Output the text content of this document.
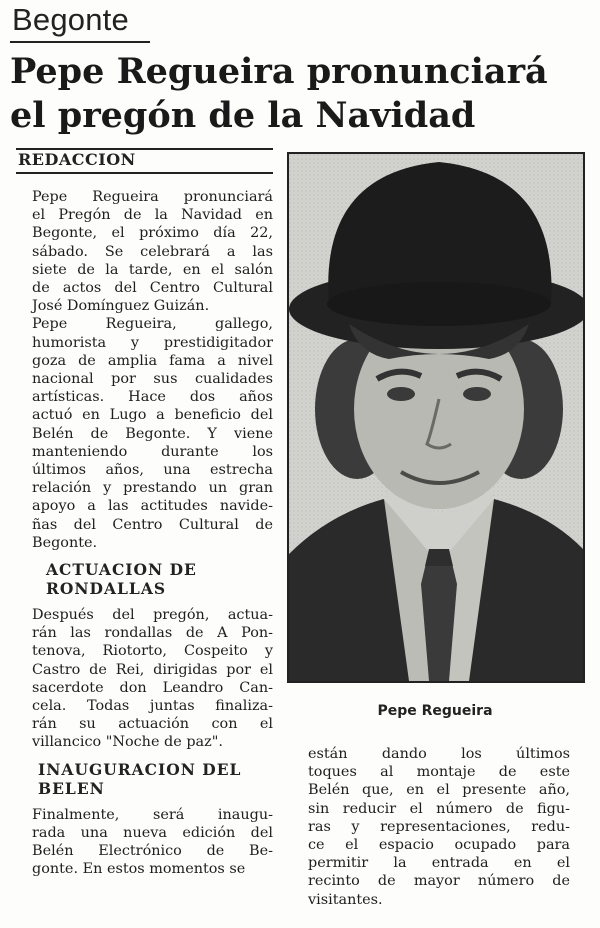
Begonte
Pepe Regueira pronunciará
el pregón de la Navidad
REDACCION

Pepe Regueira pronunciará
el Pregón de la Navidad en
Begonte, el próximo día 22,
sábado. Se celebrará a las
siete de la tarde, en el salón
de actos del Centro Cultural
José Domínguez Guizán.

Pepe Regueira, gallego,
humorista y prestidigitador
goza de amplia fama a nivel
nacional por sus cualidades
artísticas. Hace dos años
actuó en Lugo a beneficio del
Belén de Begonte. Y viene
manteniendo durante los
últimos años, una estrecha
relación y prestando un gran
apoyo a las actitudes navide-
ñas del Centro Cultural de
Begonte.

ACTUACION DE
RONDALLAS

Después del pregón, actua-
rán las rondallas de A Pon-
tenova, Riotorto, Cospeito y
Castro de Rei, dirigidas por el
sacerdote don Leandro Can-
cela. Todas juntas finaliza-
rán su actuación con el
villancico "Noche de paz".

INAUGURACION DEL
BELEN

Finalmente, será inaugu-
rada una nueva edición del
Belén Electrónico de Be-
gonte. En estos momentos se

Pepe Regueira

están dando los últimos
toques al montaje de este
Belén que, en el presente año,
sin reducir el número de figu-
ras y representaciones, redu-
ce el espacio ocupado para
permitir la entrada en el
recinto de mayor número de
visitantes.
